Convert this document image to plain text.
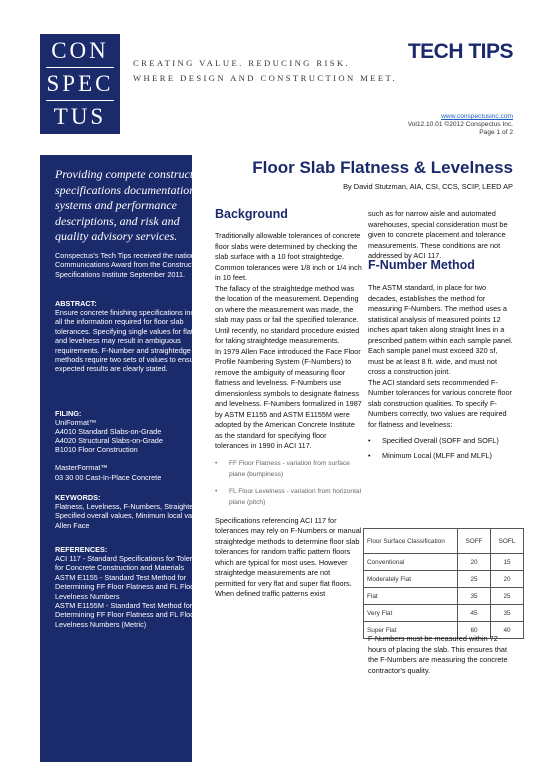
CON
SPEC
TUS
CREATING VALUE. REDUCING RISK.
WHERE DESIGN AND CONSTRUCTION MEET.
TECH TIPS
www.conspectusinc.com
Vol12.10.01 ©2012 Conspectus Inc.
Page 1 of 2
Providing compete construction specifications documentation, systems and performance descriptions, and risk and quality advisory services.
Conspectus's Tech Tips received the national Communications Award from the Construction Specifications Institute September 2011.
ABSTRACT:
Ensure concrete finishing specifications include all the information required for floor slab tolerances. Specifying single values for flatness and levelness may result in ambiguous requirements. F-Number and straightedge methods require two sets of values to ensure the expected results are clearly stated.
FILING:
UniFormat™
A4010 Standard Slabs-on-Grade
A4020 Structural Slabs-on-Grade
B1010 Floor Construction
MasterFormat™
03 30 00 Cast-In-Place Concrete
KEYWORDS:
Flatness, Levelness, F-Numbers, Straightedge, Specified overall values, Minimum local values, Allen Face
REFERENCES:
ACI 117 - Standard Specifications for Tolerances for Concrete Construction and Materials
ASTM E1155 - Standard Test Method for Determining FF Floor Flatness and FL Floor Levelness Numbers
ASTM E1155M - Standard Test Method for Determining FF Floor Flatness and FL Floor Levelness Numbers (Metric)
Floor Slab Flatness & Levelness
By David Stutzman, AIA, CSI, CCS, SCIP, LEED AP
Background

Traditionally allowable tolerances of concrete floor slabs were determined by checking the slab surface with a 10 foot straightedge. Common tolerances were 1/8 inch or 1/4 inch in 10 feet.

The fallacy of the straightedge method was the location of the measurement. Depending on where the measurement was made, the slab may pass or fail the specified tolerance. Until recently, no standard procedure existed for taking straightedge measurements.

In 1979 Allen Face introduced the Face Floor Profile Numbering System (F-Numbers) to remove the ambiguity of measuring floor flatness and levelness. F-Numbers use dimensionless symbols to designate flatness and levelness. F-Numbers formalized in 1987 by ASTM E1155 and ASTM E1155M were adopted by the American Concrete Institute as the standard for specifying floor tolerances in 1990 in ACI 117.

•	FF Floor Flatness - variation from surface plane (bumpiness)
•	FL Floor Levelness - variation from horizontal plane (pitch)

Specifications referencing ACI 117 for tolerances may rely on F-Numbers or manual straightedge methods to determine floor slab tolerances for random traffic pattern floors which are typical for most uses. However straightedge measurements are not permitted for very flat and super flat floors.

When defined traffic patterns exist

such as for narrow aisle and automated warehouses, special consideration must be given to concrete placement and tolerance measurements. These conditions are not addressed by ACI 117.

F-Number Method

The ASTM standard, in place for two decades, establishes the method for measuring F-Numbers. The method uses a statistical analysis of measured points 12 inches apart taken along straight lines in a prescribed pattern within each sample panel. Each sample panel must exceed 320 sf, must be at least 8 ft. wide, and must not cross a construction joint.

The ACI standard sets recommended F-Number tolerances for various concrete floor slab construction qualities. To specify F-Numbers correctly, two values are required for flatness and levelness:

•	Specified Overall (SOFF and SOFL)
•	Minimum Local (MLFF and MLFL)
Floor Surface Classification	SOFF	SOFL
Conventional	20	15
Moderately Flat	25	20
Flat	35	25
Very Flat	45	35
Super Flat	60	40

F-Numbers must be measured within 72 hours of placing the slab. This ensures that the F-Numbers are measuring the concrete contractor's quality.
